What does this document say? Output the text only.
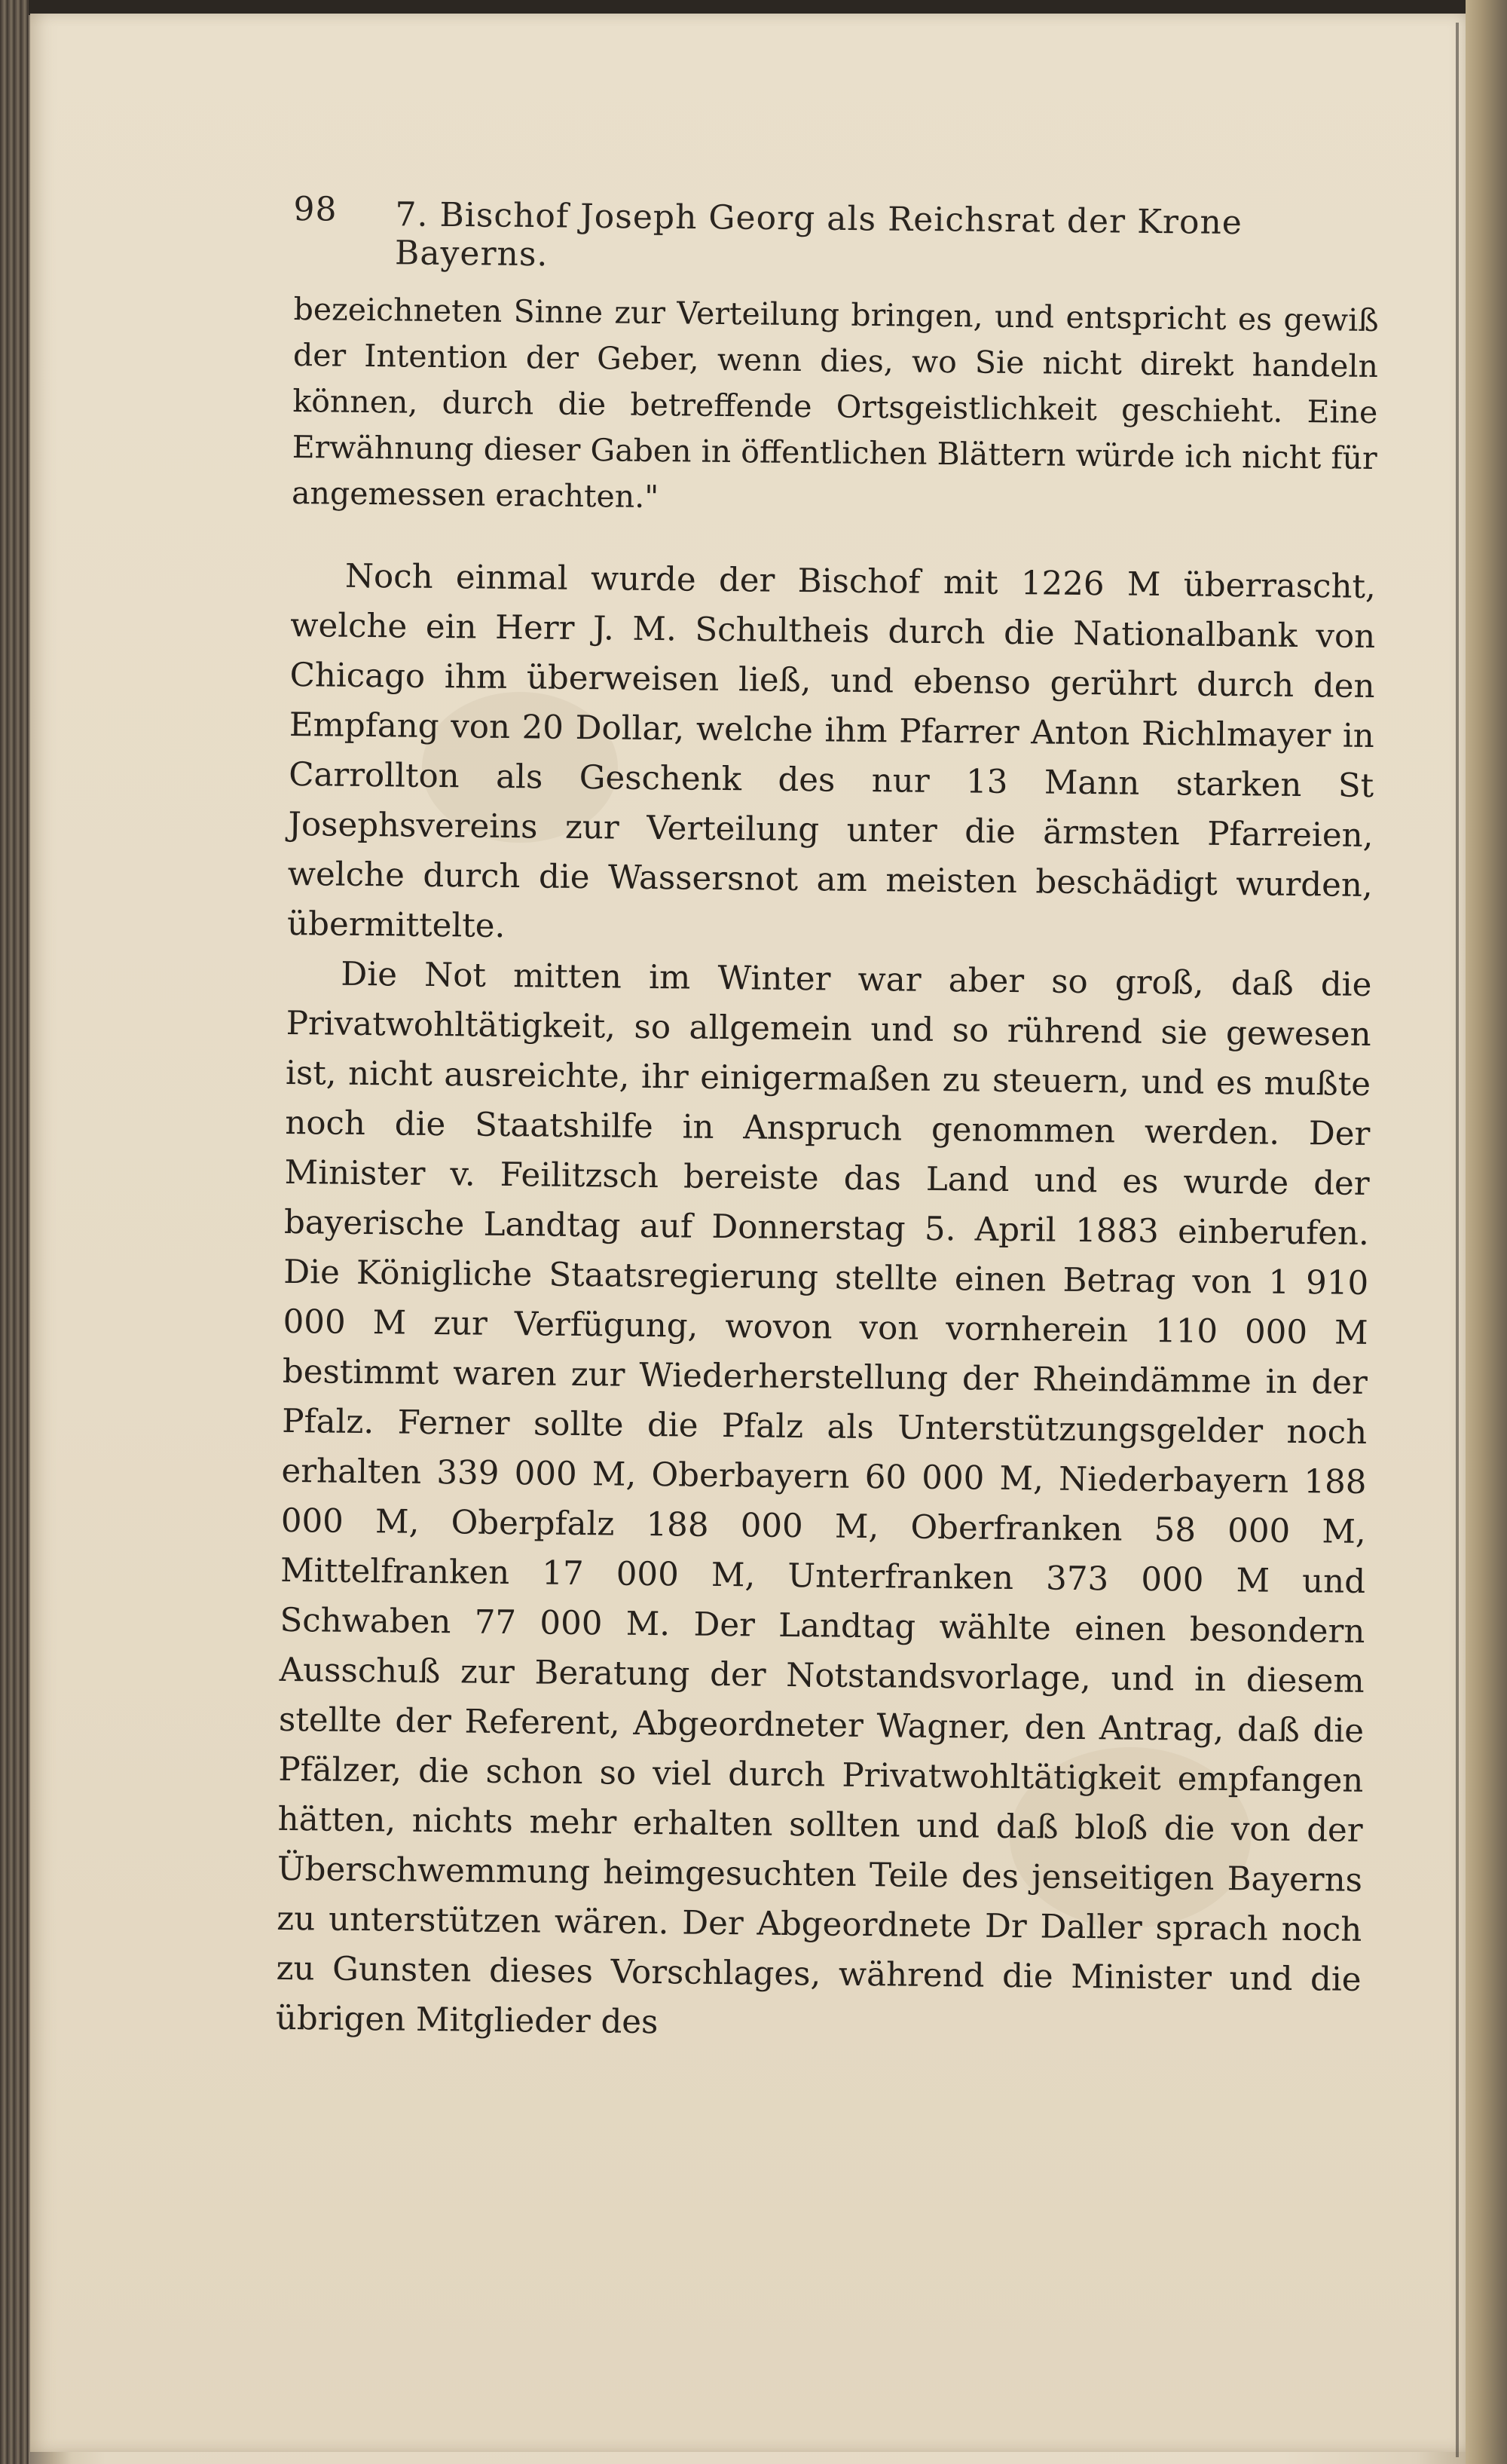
98 7. Bischof Joseph Georg als Reichsrat der Krone Bayerns.

bezeichneten Sinne zur Verteilung bringen, und entspricht es gewiß der Intention der Geber, wenn dies, wo Sie nicht direkt handeln können, durch die betreffende Ortsgeistlichkeit geschieht. Eine Erwähnung dieser Gaben in öffentlichen Blättern würde ich nicht für angemessen erachten."

Noch einmal wurde der Bischof mit 1226 M überrascht, welche ein Herr J. M. Schultheis durch die Nationalbank von Chicago ihm überweisen ließ, und ebenso gerührt durch den Empfang von 20 Dollar, welche ihm Pfarrer Anton Richlmayer in Carrollton als Geschenk des nur 13 Mann starken St Josephsvereins zur Verteilung unter die ärmsten Pfarreien, welche durch die Wassersnot am meisten beschädigt wurden, übermittelte.

Die Not mitten im Winter war aber so groß, daß die Privatwohltätigkeit, so allgemein und so rührend sie gewesen ist, nicht ausreichte, ihr einigermaßen zu steuern, und es mußte noch die Staatshilfe in Anspruch genommen werden. Der Minister v. Feilitzsch bereiste das Land und es wurde der bayerische Landtag auf Donnerstag 5. April 1883 einberufen. Die Königliche Staatsregierung stellte einen Betrag von 1 910 000 M zur Verfügung, wovon von vornherein 110 000 M bestimmt waren zur Wiederherstellung der Rheindämme in der Pfalz. Ferner sollte die Pfalz als Unterstützungsgelder noch erhalten 339 000 M, Oberbayern 60 000 M, Niederbayern 188 000 M, Oberpfalz 188 000 M, Oberfranken 58 000 M, Mittelfranken 17 000 M, Unterfranken 373 000 M und Schwaben 77 000 M. Der Landtag wählte einen besondern Ausschuß zur Beratung der Notstandsvorlage, und in diesem stellte der Referent, Abgeordneter Wagner, den Antrag, daß die Pfälzer, die schon so viel durch Privatwohltätigkeit empfangen hätten, nichts mehr erhalten sollten und daß bloß die von der Überschwemmung heimgesuchten Teile des jenseitigen Bayerns zu unterstützen wären. Der Abgeordnete Dr Daller sprach noch zu Gunsten dieses Vorschlages, während die Minister und die übrigen Mitglieder des
